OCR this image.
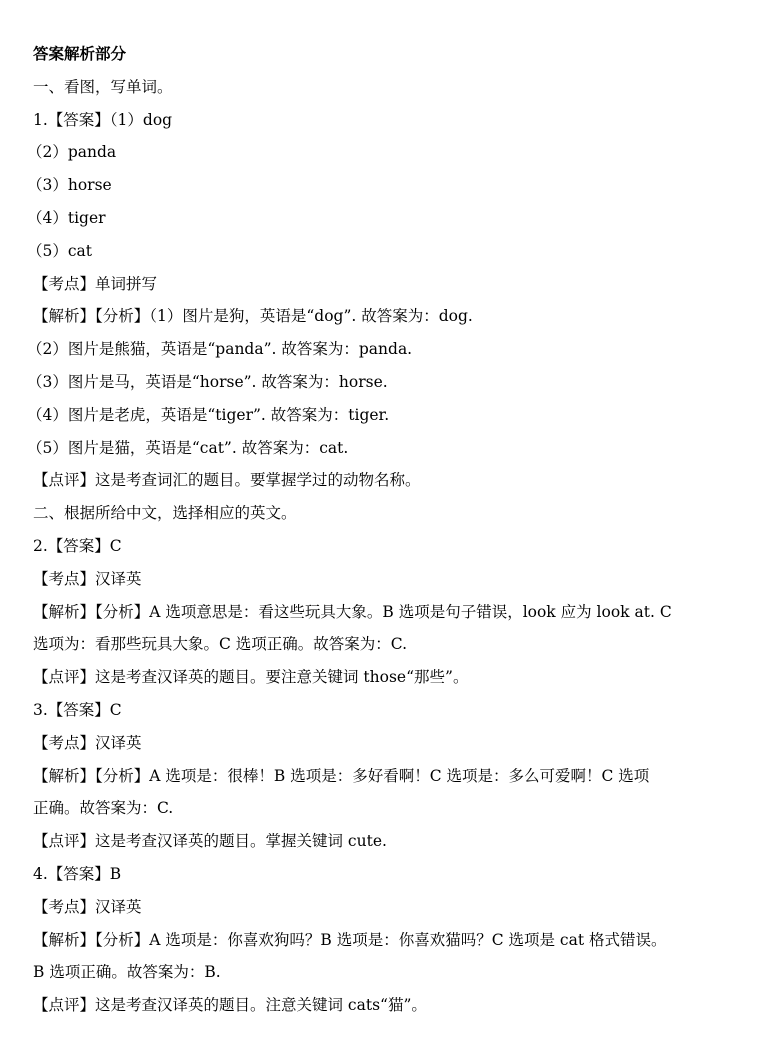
答案解析部分
一、看图，写单词。
1.【答案】（1）dog
（2）panda
（3）horse
（4）tiger
（5）cat
【考点】单词拼写
【解析】【分析】（1）图片是狗，英语是“dog”. 故答案为：dog.
（2）图片是熊猫，英语是“panda”. 故答案为：panda.
（3）图片是马，英语是“horse”. 故答案为：horse.
（4）图片是老虎，英语是“tiger”. 故答案为：tiger.
（5）图片是猫，英语是“cat”. 故答案为：cat.
【点评】这是考查词汇的题目。要掌握学过的动物名称。
二、根据所给中文，选择相应的英文。
2.【答案】C
【考点】汉译英
【解析】【分析】A 选项意思是：看这些玩具大象。B 选项是句子错误，look 应为 look at. C
选项为：看那些玩具大象。C 选项正确。故答案为：C.
【点评】这是考查汉译英的题目。要注意关键词 those“那些”。
3.【答案】C
【考点】汉译英
【解析】【分析】A 选项是：很棒！B 选项是：多好看啊！C 选项是：多么可爱啊！C 选项
正确。故答案为：C.
【点评】这是考查汉译英的题目。掌握关键词 cute.
4.【答案】B
【考点】汉译英
【解析】【分析】A 选项是：你喜欢狗吗？B 选项是：你喜欢猫吗？C 选项是 cat 格式错误。
B 选项正确。故答案为：B.
【点评】这是考查汉译英的题目。注意关键词 cats“猫”。
